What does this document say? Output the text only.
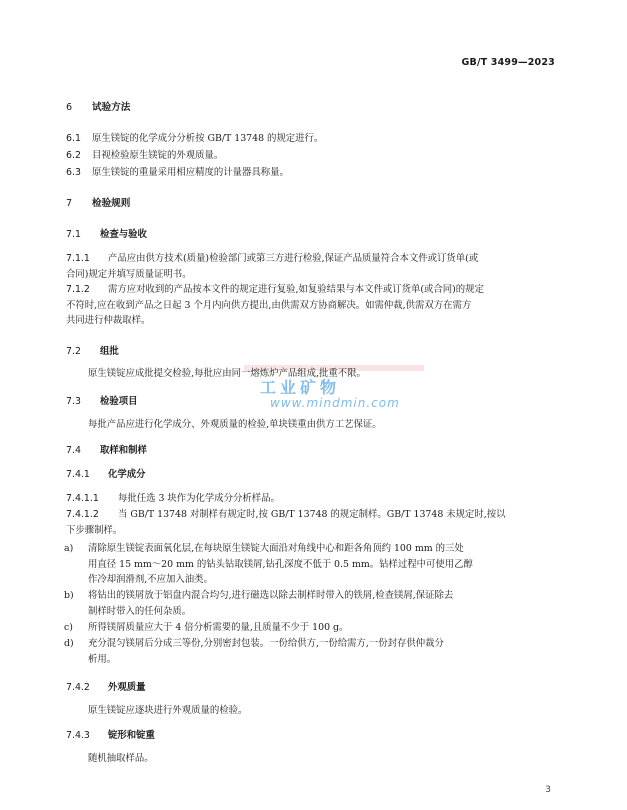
GB/T 3499—2023
6 试验方法
6.1 原生镁锭的化学成分分析按 GB/T 13748 的规定进行。
6.2 目视检验原生镁锭的外观质量。
6.3 原生镁锭的重量采用相应精度的计量器具称量。
7 检验规则
7.1 检查与验收
7.1.1 产品应由供方技术(质量)检验部门或第三方进行检验,保证产品质量符合本文件或订货单(或
合同)规定并填写质量证明书。
7.1.2 需方应对收到的产品按本文件的规定进行复验,如复验结果与本文件或订货单(或合同)的规定
不符时,应在收到产品之日起 3 个月内向供方提出,由供需双方协商解决。如需仲裁,供需双方在需方
共同进行仲裁取样。
7.2 组批
原生镁锭应成批提交检验,每批应由同一熔炼炉产品组成,批重不限。
7.3 检验项目
每批产品应进行化学成分、外观质量的检验,单块镁重由供方工艺保证。
7.4 取样和制样
7.4.1 化学成分
7.4.1.1 每批任选 3 块作为化学成分分析样品。
7.4.1.2 当 GB/T 13748 对制样有规定时,按 GB/T 13748 的规定制样。GB/T 13748 未规定时,按以
下步骤制样。
a) 清除原生镁锭表面氧化层,在每块原生镁锭大面沿对角线中心和距各角顶约 100 mm 的三处
用直径 15 mm～20 mm 的钻头钻取镁屑,钻孔深度不低于 0.5 mm。钻样过程中可使用乙醇
作冷却润滑剂,不应加入油类。
b) 将钻出的镁屑放于铝盘内混合均匀,进行磁选以除去制样时带入的铁屑,检查镁屑,保证除去
制样时带入的任何杂质。
c) 所得镁屑质量应大于 4 倍分析需要的量,且质量不少于 100 g。
d) 充分混匀镁屑后分成三等份,分别密封包装。一份给供方,一份给需方,一份封存供仲裁分
析用。
7.4.2 外观质量
原生镁锭应逐块进行外观质量的检验。
7.4.3 锭形和锭重
随机抽取样品。
工业矿物
www.mindmin.com
3
